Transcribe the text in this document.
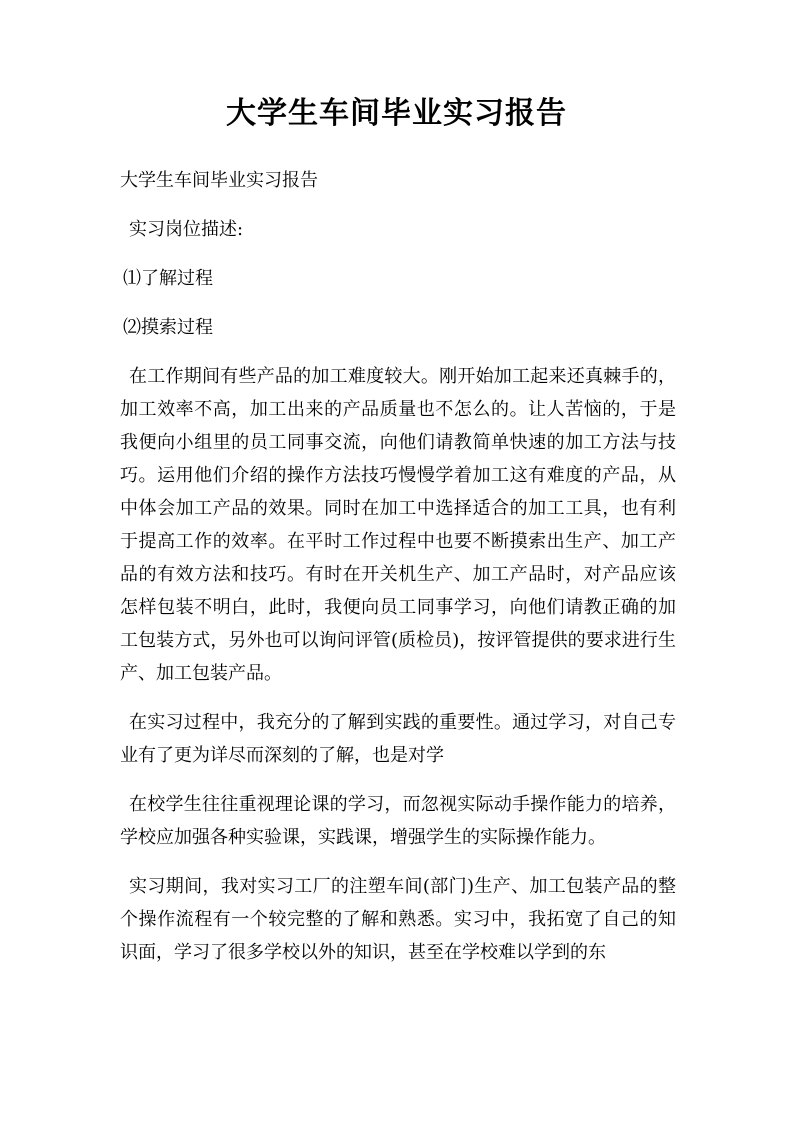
大学生车间毕业实习报告

大学生车间毕业实习报告

实习岗位描述:

⑴了解过程

⑵摸索过程

在工作期间有些产品的加工难度较大。刚开始加工起来还真棘手的，加工效率不高，加工出来的产品质量也不怎么的。让人苦恼的，于是我便向小组里的员工同事交流，向他们请教简单快速的加工方法与技巧。运用他们介绍的操作方法技巧慢慢学着加工这有难度的产品，从中体会加工产品的效果。同时在加工中选择适合的加工工具，也有利于提高工作的效率。在平时工作过程中也要不断摸索出生产、加工产品的有效方法和技巧。有时在开关机生产、加工产品时，对产品应该怎样包装不明白，此时，我便向员工同事学习，向他们请教正确的加工包装方式，另外也可以询问评管(质检员)，按评管提供的要求进行生产、加工包装产品。

在实习过程中，我充分的了解到实践的重要性。通过学习，对自己专业有了更为详尽而深刻的了解，也是对学

在校学生往往重视理论课的学习，而忽视实际动手操作能力的培养，学校应加强各种实验课，实践课，增强学生的实际操作能力。

实习期间，我对实习工厂的注塑车间(部门)生产、加工包装产品的整个操作流程有一个较完整的了解和熟悉。实习中，我拓宽了自己的知识面，学习了很多学校以外的知识，甚至在学校难以学到的东
